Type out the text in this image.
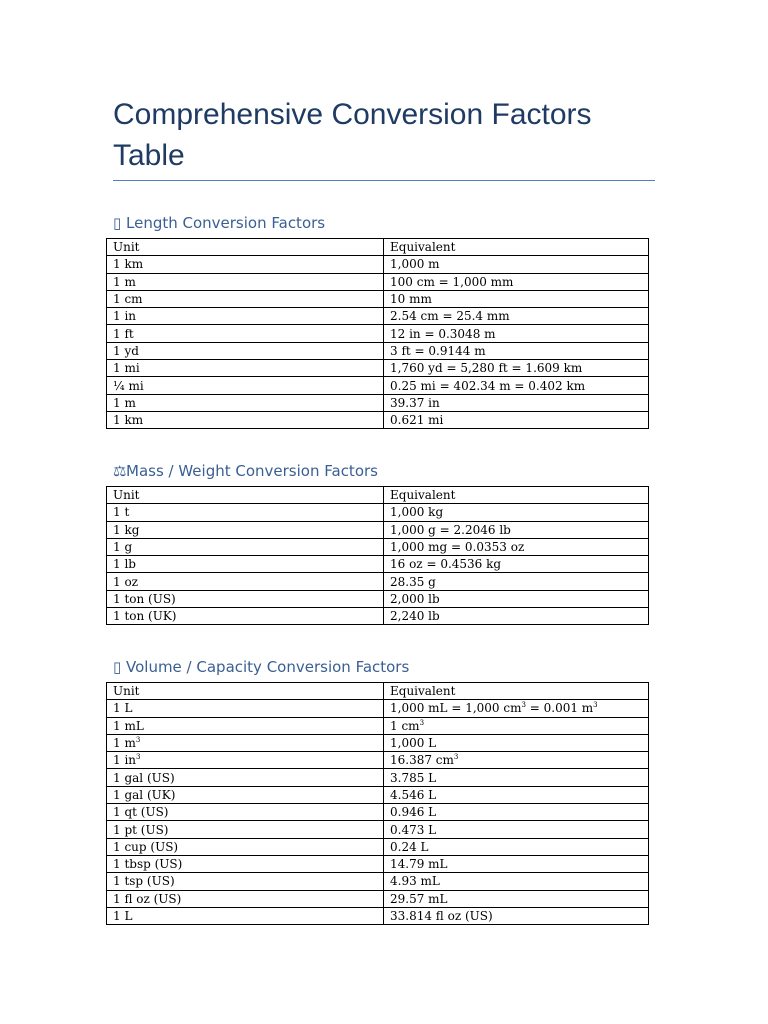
Comprehensive Conversion Factors Table
▯ Length Conversion Factors
Unit	Equivalent
1 km	1,000 m
1 m	100 cm = 1,000 mm
1 cm	10 mm
1 in	2.54 cm = 25.4 mm
1 ft	12 in = 0.3048 m
1 yd	3 ft = 0.9144 m
1 mi	1,760 yd = 5,280 ft = 1.609 km
¼ mi	0.25 mi = 402.34 m = 0.402 km
1 m	39.37 in
1 km	0.621 mi
⚖Mass / Weight Conversion Factors
Unit	Equivalent
1 t	1,000 kg
1 kg	1,000 g = 2.2046 lb
1 g	1,000 mg = 0.0353 oz
1 lb	16 oz = 0.4536 kg
1 oz	28.35 g
1 ton (US)	2,000 lb
1 ton (UK)	2,240 lb
▯ Volume / Capacity Conversion Factors
Unit	Equivalent
1 L	1,000 mL = 1,000 $cm^3 = 0.001$ $m^3$
1 mL	1 $cm^3$
1 $m^3$	1,000 L
1 $in^3$	16.387 $cm^3$
1 gal (US)	3.785 L
1 gal (UK)	4.546 L
1 qt (US)	0.946 L
1 pt (US)	0.473 L
1 cup (US)	0.24 L
1 tbsp (US)	14.79 mL
1 tsp (US)	4.93 mL
1 fl oz (US)	29.57 mL
1 L	33.814 fl oz (US)
